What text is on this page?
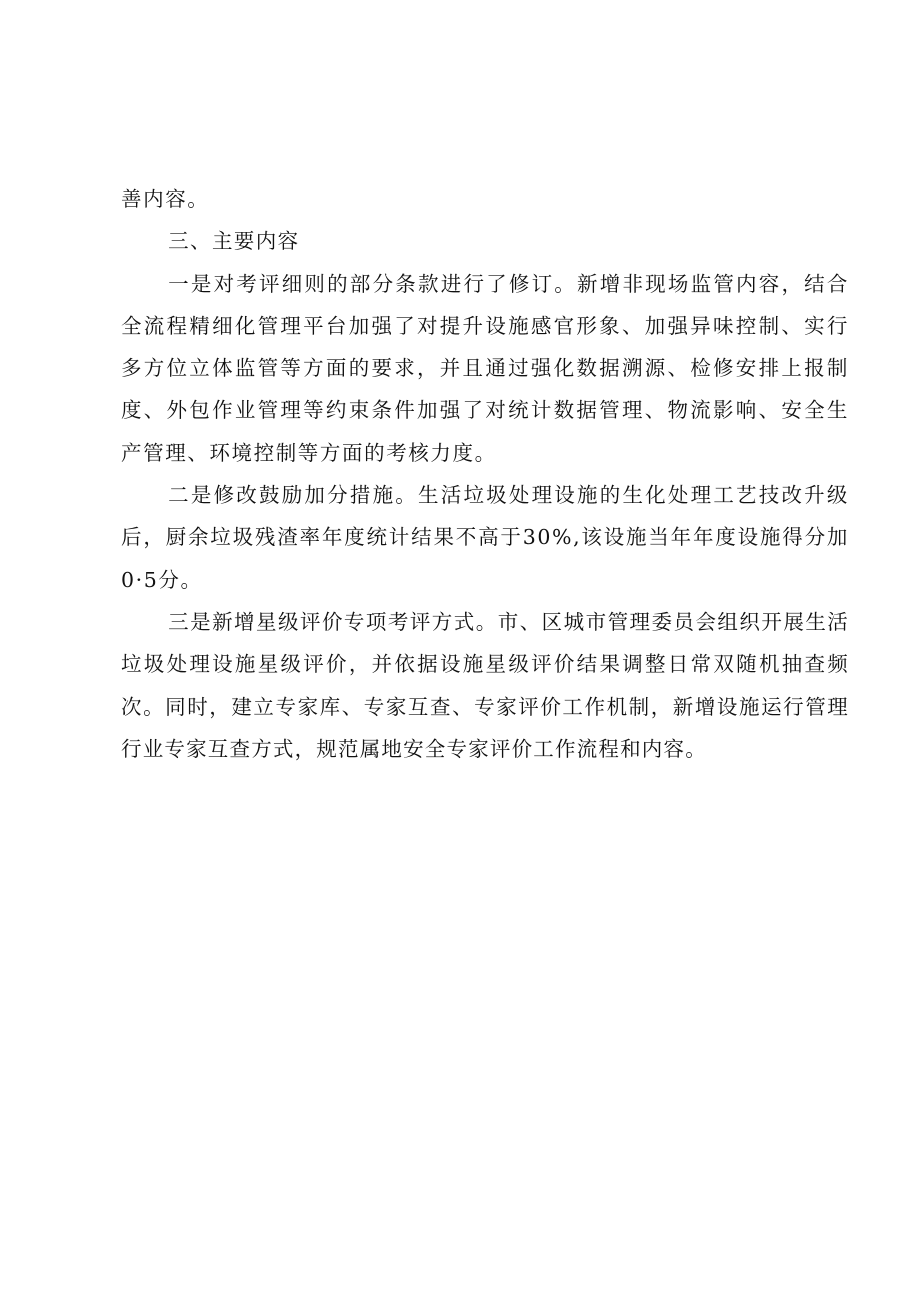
善内容。

三、主要内容

一是对考评细则的部分条款进行了修订。新增非现场监管内容，结合全流程精细化管理平台加强了对提升设施感官形象、加强异味控制、实行多方位立体监管等方面的要求，并且通过强化数据溯源、检修安排上报制度、外包作业管理等约束条件加强了对统计数据管理、物流影响、安全生产管理、环境控制等方面的考核力度。

二是修改鼓励加分措施。生活垃圾处理设施的生化处理工艺技改升级后，厨余垃圾残渣率年度统计结果不高于30%,该设施当年年度设施得分加0·5分。

三是新增星级评价专项考评方式。市、区城市管理委员会组织开展生活垃圾处理设施星级评价，并依据设施星级评价结果调整日常双随机抽查频次。同时，建立专家库、专家互查、专家评价工作机制，新增设施运行管理行业专家互查方式，规范属地安全专家评价工作流程和内容。
